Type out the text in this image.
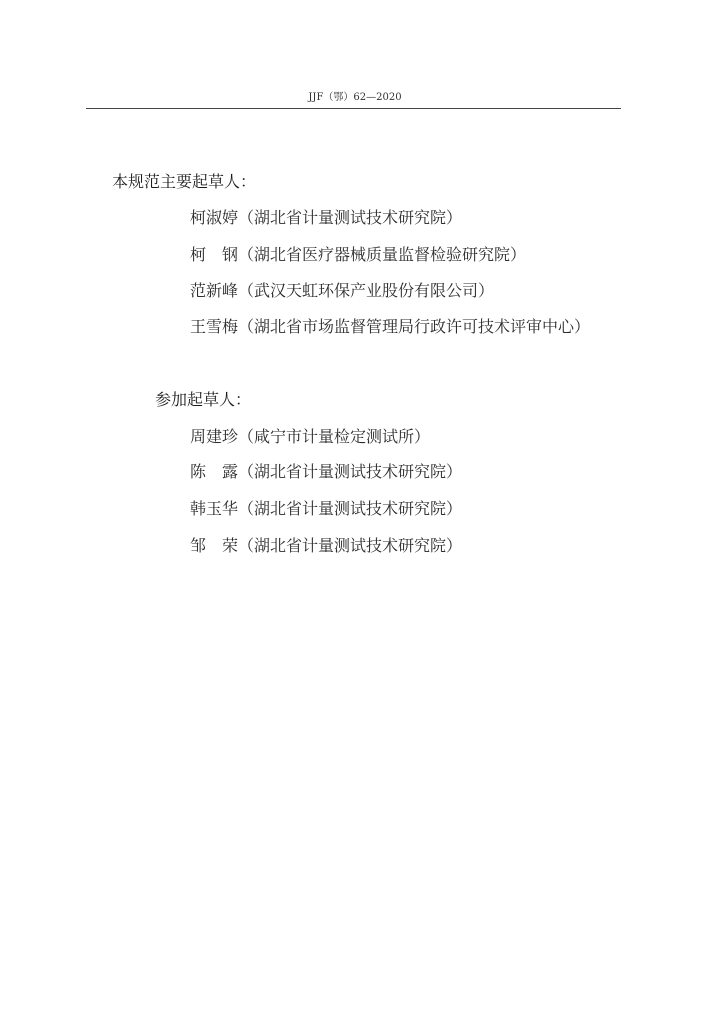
JJF（鄂）62—2020
本规范主要起草人：
柯淑婷（湖北省计量测试技术研究院）
柯　钢（湖北省医疗器械质量监督检验研究院）
范新峰（武汉天虹环保产业股份有限公司）
王雪梅（湖北省市场监督管理局行政许可技术评审中心）
参加起草人：
周建珍（咸宁市计量检定测试所）
陈　露（湖北省计量测试技术研究院）
韩玉华（湖北省计量测试技术研究院）
邹　荣（湖北省计量测试技术研究院）
